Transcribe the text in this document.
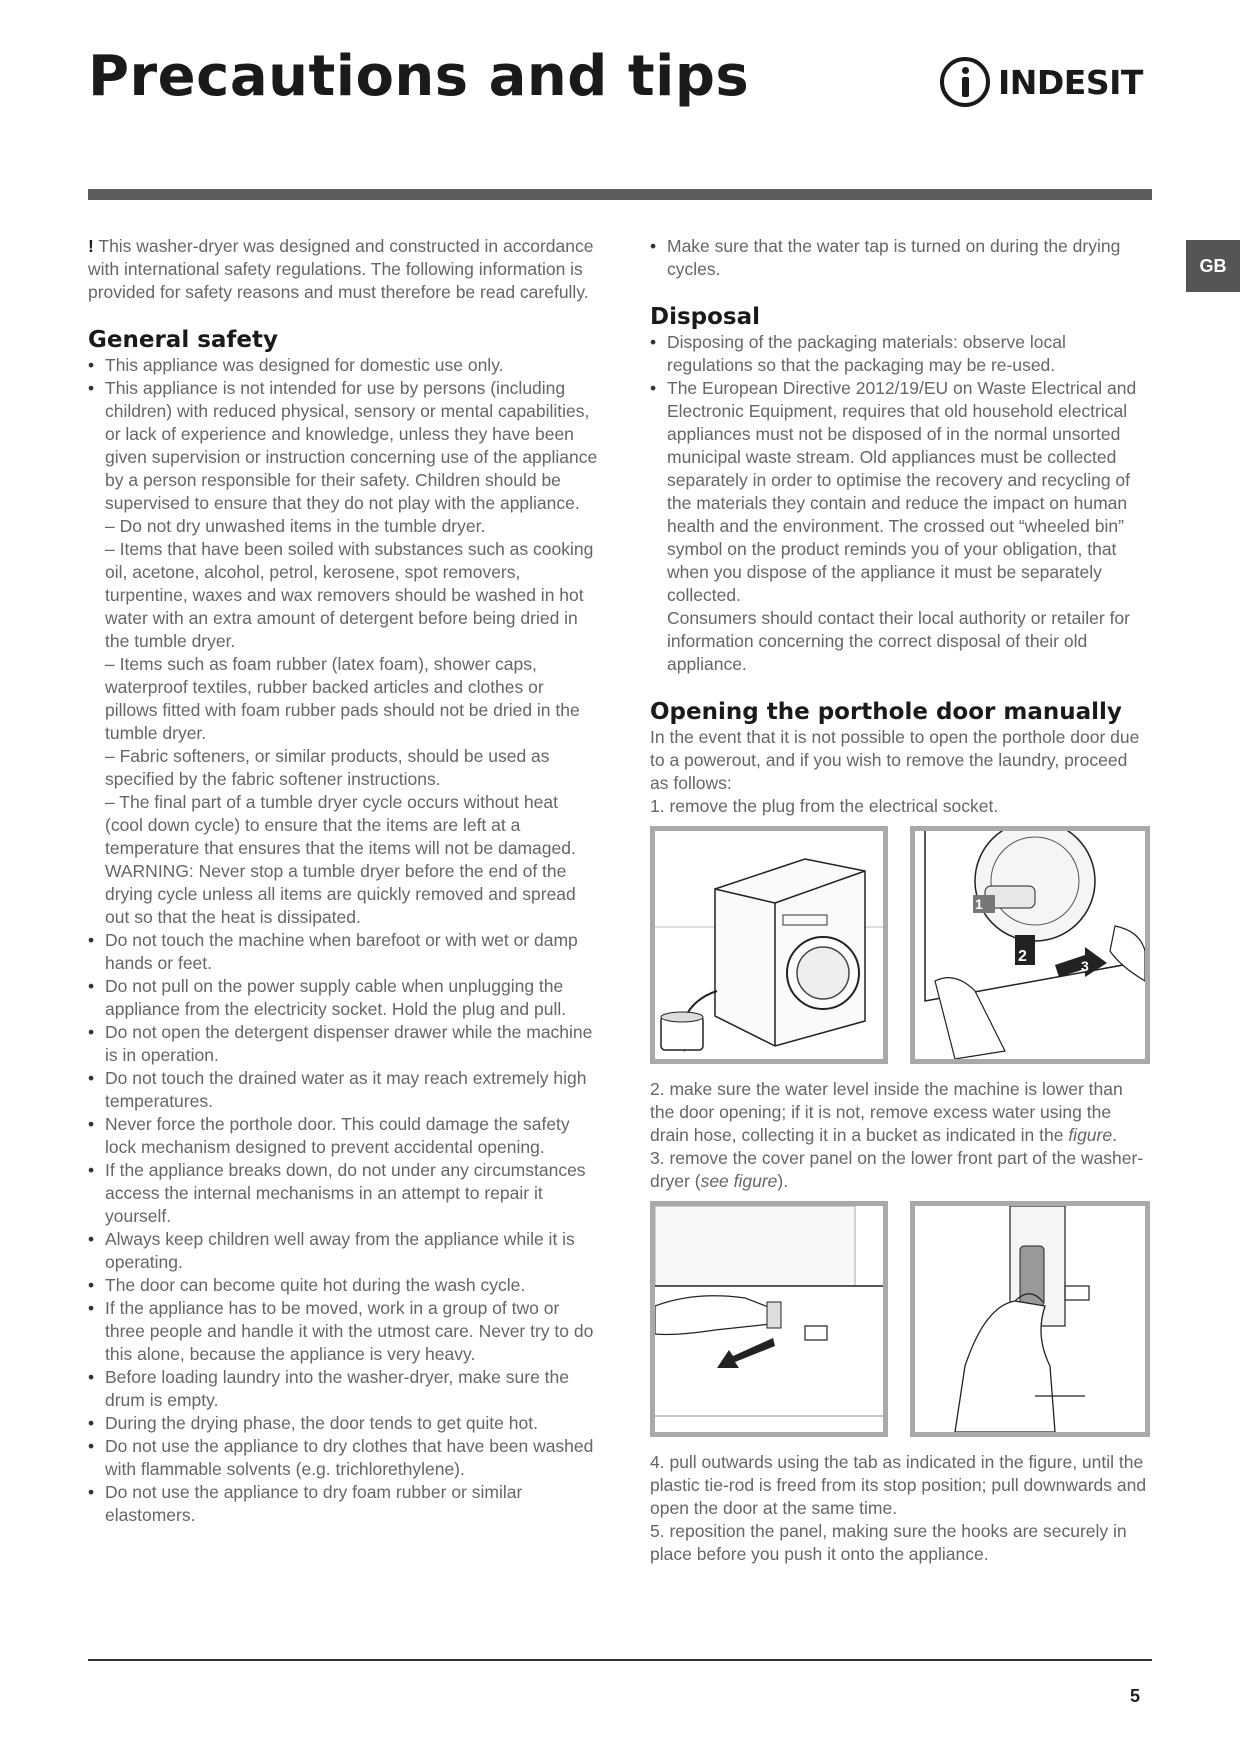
Precautions and tips	INDESIT
GB

! This washer-dryer was designed and constructed in accordance with international safety regulations. The following information is provided for safety reasons and must therefore be read carefully.

General safety
• This appliance was designed for domestic use only.
• This appliance is not intended for use by persons (including children) with reduced physical, sensory or mental capabilities, or lack of experience and knowledge, unless they have been given supervision or instruction concerning use of the appliance by a person responsible for their safety. Children should be supervised to ensure that they do not play with the appliance.
– Do not dry unwashed items in the tumble dryer.
– Items that have been soiled with substances such as cooking oil, acetone, alcohol, petrol, kerosene, spot removers, turpentine, waxes and wax removers should be washed in hot water with an extra amount of detergent before being dried in the tumble dryer.
– Items such as foam rubber (latex foam), shower caps, waterproof textiles, rubber backed articles and clothes or pillows fitted with foam rubber pads should not be dried in the tumble dryer.
– Fabric softeners, or similar products, should be used as specified by the fabric softener instructions.
– The final part of a tumble dryer cycle occurs without heat (cool down cycle) to ensure that the items are left at a temperature that ensures that the items will not be damaged.
WARNING: Never stop a tumble dryer before the end of the drying cycle unless all items are quickly removed and spread out so that the heat is dissipated.
• Do not touch the machine when barefoot or with wet or damp hands or feet.
• Do not pull on the power supply cable when unplugging the appliance from the electricity socket. Hold the plug and pull.
• Do not open the detergent dispenser drawer while the machine is in operation.
• Do not touch the drained water as it may reach extremely high temperatures.
• Never force the porthole door. This could damage the safety lock mechanism designed to prevent accidental opening.
• If the appliance breaks down, do not under any circumstances access the internal mechanisms in an attempt to repair it yourself.
• Always keep children well away from the appliance while it is operating.
• The door can become quite hot during the wash cycle.
• If the appliance has to be moved, work in a group of two or three people and handle it with the utmost care. Never try to do this alone, because the appliance is very heavy.
• Before loading laundry into the washer-dryer, make sure the drum is empty.
• During the drying phase, the door tends to get quite hot.
• Do not use the appliance to dry clothes that have been washed with flammable solvents (e.g. trichlorethylene).
• Do not use the appliance to dry foam rubber or similar elastomers.
• Make sure that the water tap is turned on during the drying cycles.
Disposal
• Disposing of the packaging materials: observe local regulations so that the packaging may be re-used.
• The European Directive 2012/19/EU on Waste Electrical and Electronic Equipment, requires that old household electrical appliances must not be disposed of in the normal unsorted municipal waste stream. Old appliances must be collected separately in order to optimise the recovery and recycling of the materials they contain and reduce the impact on human health and the environment. The crossed out “wheeled bin” symbol on the product reminds you of your obligation, that when you dispose of the appliance it must be separately collected.
Consumers should contact their local authority or retailer for information concerning the correct disposal of their old appliance.
Opening the porthole door manually

In the event that it is not possible to open the porthole door due to a powerout, and if you wish to remove the laundry, proceed as follows:

1. remove the plug from the electrical socket.

1
2
3

2. make sure the water level inside the machine is lower than the door opening; if it is not, remove excess water using the drain hose, collecting it in a bucket as indicated in the figure.

3. remove the cover panel on the lower front part of the washer-dryer (see figure).

4. pull outwards using the tab as indicated in the figure, until the plastic tie-rod is freed from its stop position; pull downwards and open the door at the same time.

5. reposition the panel, making sure the hooks are securely in place before you push it onto the appliance.

5
